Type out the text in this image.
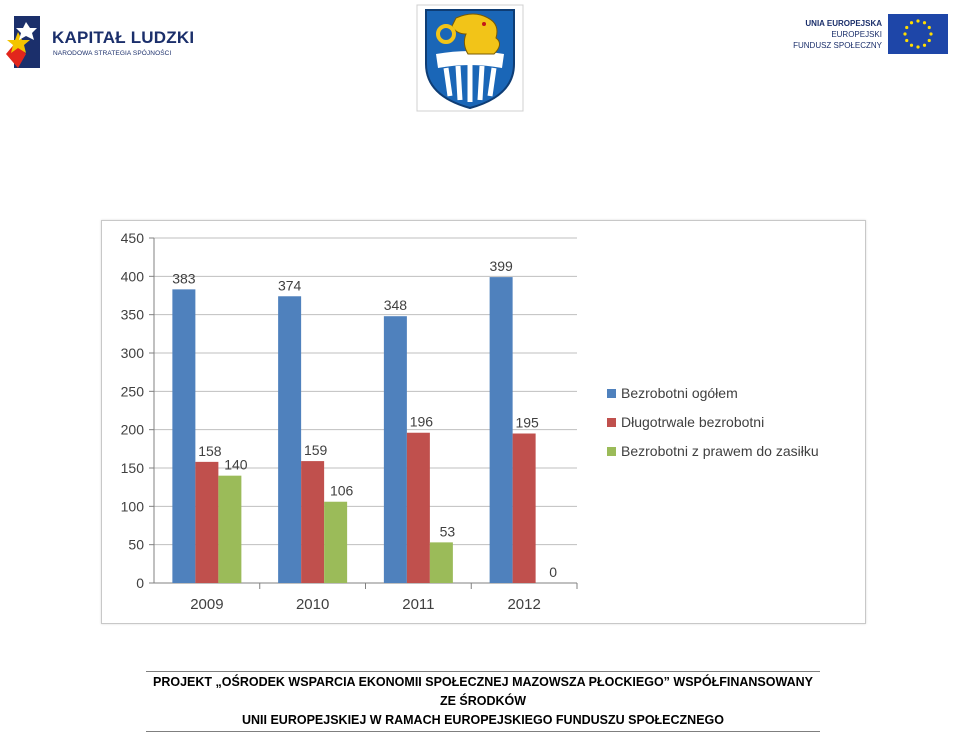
KAPITAŁ LUDZKI
NARODOWA STRATEGIA SPÓJNOŚCI
UNIA EUROPEJSKA
EUROPEJSKI
FUNDUSZ SPOŁECZNY
0
50
100
150
200
250
300
350
400
450
383
158
140
2009
374
159
106
2010
348
196
53
2011
399
195
0
2012
Bezrobotni ogółem
Długotrwale bezrobotni
Bezrobotni z prawem do zasiłku
PROJEKT „OŚRODEK WSPARCIA EKONOMII SPOŁECZNEJ MAZOWSZA PŁOCKIEGO” WSPÓŁFINANSOWANY ZE ŚRODKÓW
UNII EUROPEJSKIEJ W RAMACH EUROPEJSKIEGO FUNDUSZU SPOŁECZNEGO
